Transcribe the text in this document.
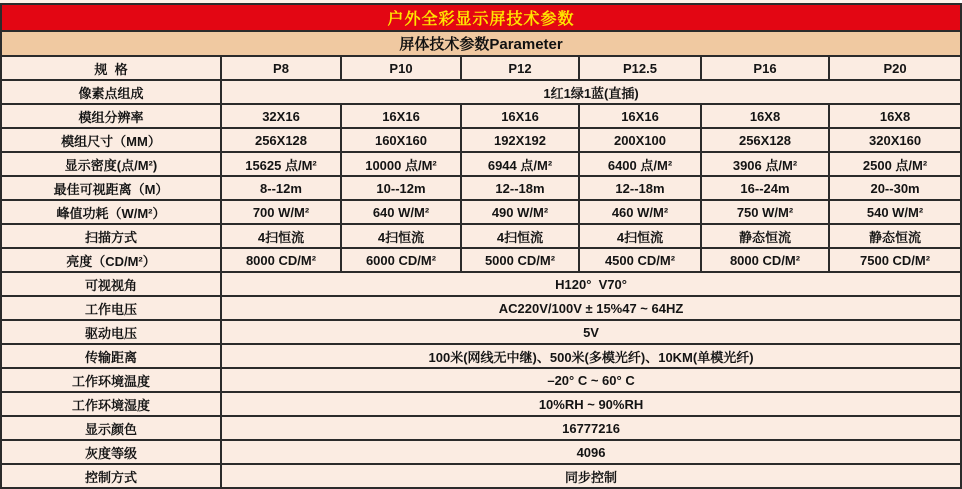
户外全彩显示屏技术参数						
屏体技术参数Parameter						
规  格	P8	P10	P12	P12.5	P16	P20
像素点组成	1红1绿1蓝(直插)					
模组分辨率	32X16	16X16	16X16	16X16	16X8	16X8
模组尺寸（MM）	256X128	160X160	192X192	200X100	256X128	320X160
显示密度(点/M²)	15625 点/M²	10000 点/M²	6944 点/M²	6400 点/M²	3906 点/M²	2500 点/M²
最佳可视距离（M）	8--12m	10--12m	12--18m	12--18m	16--24m	20--30m
峰值功耗（W/M²）	700 W/M²	640 W/M²	490 W/M²	460 W/M²	750 W/M²	540 W/M²
扫描方式	4扫恒流	4扫恒流	4扫恒流	4扫恒流	静态恒流	静态恒流
亮度（CD/M²）	8000 CD/M²	6000 CD/M²	5000 CD/M²	4500 CD/M²	8000 CD/M²	7500 CD/M²
可视视角	H120°  V70°					
工作电压	AC220V/100V ± 15%47 ~ 64HZ					
驱动电压	5V					
传输距离	100米(网线无中继)、500米(多模光纤)、10KM(单模光纤)					
工作环境温度	–20° C ~ 60° C					
工作环境湿度	10%RH ~ 90%RH					
显示颜色	16777216					
灰度等级	4096					
控制方式	同步控制					
